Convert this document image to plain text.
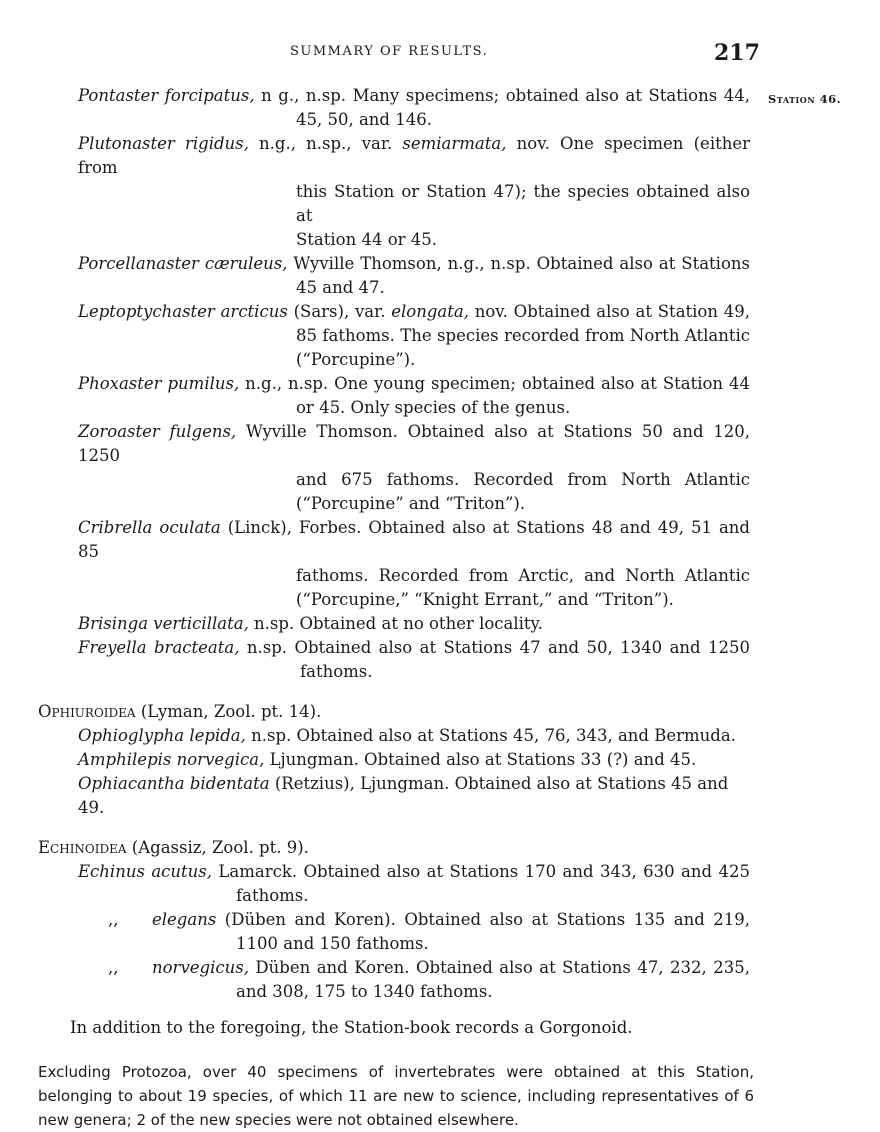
SUMMARY OF RESULTS.	217
Station 46.
Pontaster forcipatus, n g., n.sp. Many specimens; obtained also at Stations 44,
45, 50, and 146.
Plutonaster rigidus, n.g., n.sp., var. semiarmata, nov. One specimen (either from
this Station or Station 47); the species obtained also at
Station 44 or 45.
Porcellanaster cæruleus, Wyville Thomson, n.g., n.sp. Obtained also at Stations
45 and 47.
Leptoptychaster arcticus (Sars), var. elongata, nov. Obtained also at Station 49,
85 fathoms. The species recorded from North Atlantic
(“Porcupine”).
Phoxaster pumilus, n.g., n.sp. One young specimen; obtained also at Station 44
or 45. Only species of the genus.
Zoroaster fulgens, Wyville Thomson. Obtained also at Stations 50 and 120, 1250
and 675 fathoms. Recorded from North Atlantic
(“Porcupine” and “Triton”).
Cribrella oculata (Linck), Forbes. Obtained also at Stations 48 and 49, 51 and 85
fathoms. Recorded from Arctic, and North Atlantic
(“Porcupine,” “Knight Errant,” and “Triton”).
Brisinga verticillata, n.sp. Obtained at no other locality.
Freyella bracteata, n.sp. Obtained also at Stations 47 and 50, 1340 and 1250
fathoms.
Ophiuroidea (Lyman, Zool. pt. 14).
Ophioglypha lepida, n.sp. Obtained also at Stations 45, 76, 343, and Bermuda.
Amphilepis norvegica, Ljungman. Obtained also at Stations 33 (?) and 45.
Ophiacantha bidentata (Retzius), Ljungman. Obtained also at Stations 45 and 49.
Echinoidea (Agassiz, Zool. pt. 9).
Echinus acutus, Lamarck. Obtained also at Stations 170 and 343, 630 and 425
fathoms.
,, elegans (Düben and Koren). Obtained also at Stations 135 and 219,
1100 and 150 fathoms.
,, norvegicus, Düben and Koren. Obtained also at Stations 47, 232, 235,
and 308, 175 to 1340 fathoms.
In addition to the foregoing, the Station-book records a Gorgonoid.
Excluding Protozoa, over 40 specimens of invertebrates were obtained at this Station, belonging to about 19 species, of which 11 are new to science, including representatives of 6 new genera; 2 of the new species were not obtained elsewhere.
